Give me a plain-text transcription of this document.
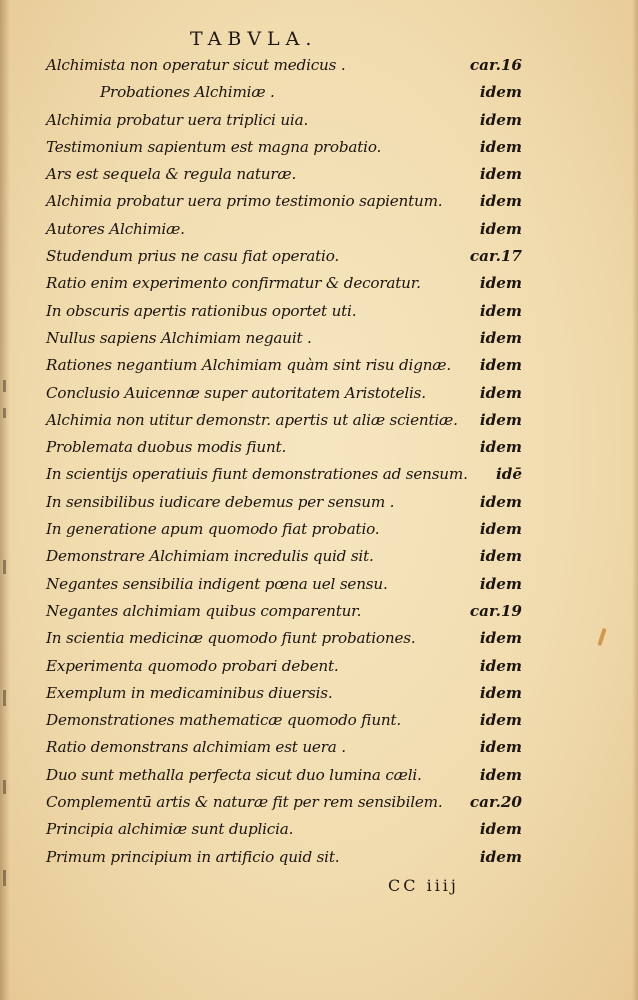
TABVLA.
Alchimista non operatur sicut medicus .	car.16
Probationes Alchimiæ .	idem
Alchimia probatur uera triplici uia.	idem
Testimonium sapientum est magna probatio.	idem
Ars est sequela & regula naturæ.	idem
Alchimia probatur uera primo testimonio sapientum. idem
Autores Alchimiæ.	idem
Studendum prius ne casu fiat operatio.	car.17
Ratio enim experimento confirmatur & decoratur.	idem
In obscuris apertis rationibus oportet uti.	idem
Nullus sapiens Alchimiam negauit .	idem
Rationes negantium Alchimiam quàm sint risu dignæ. idem
Conclusio Auicennæ super autoritatem Aristotelis.	idem
Alchimia non utitur demonstr. apertis ut aliæ scientiæ. idem
Problemata duobus modis fiunt.	idem
In scientijs operatiuis fiunt demonstrationes ad sensum. idē
In sensibilibus iudicare debemus per sensum .	idem
In generatione apum quomodo fiat probatio.	idem
Demonstrare Alchimiam incredulis quid sit.	idem
Negantes sensibilia indigent pœna uel sensu.	idem
Negantes alchimiam quibus comparentur.	car.19
In scientia medicinæ quomodo fiunt probationes.	idem
Experimenta quomodo probari debent.	idem
Exemplum in medicaminibus diuersis.	idem
Demonstrationes mathematicæ quomodo fiunt.	idem
Ratio demonstrans alchimiam est uera .	idem
Duo sunt methalla perfecta sicut duo lumina cæli.	idem
Complementū artis & naturæ fit per rem sensibilem. car.20
Principia alchimiæ sunt duplicia.	idem
Primum principium in artificio quid sit.	idem
CC iiij
